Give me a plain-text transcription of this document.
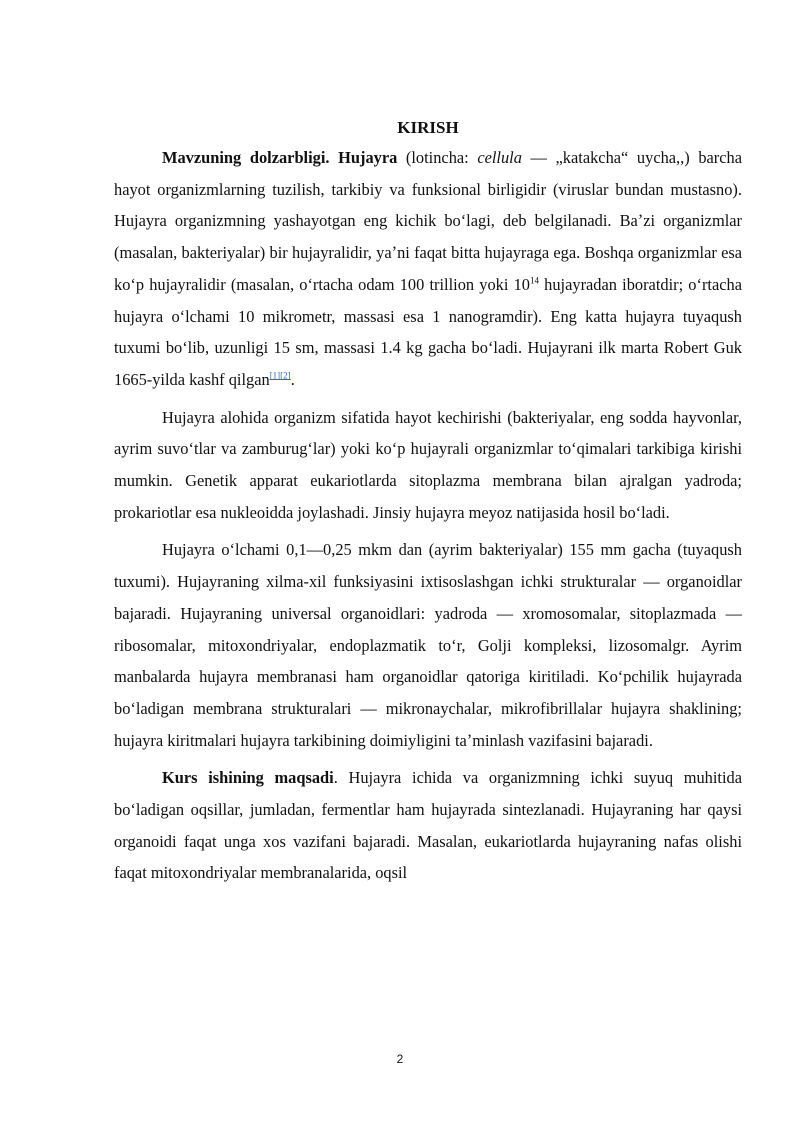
KIRISH

Mavzuning dolzarbligi. Hujayra (lotincha: cellula — „katakcha“ uycha,,) barcha hayot organizmlarning tuzilish, tarkibiy va funksional birligidir (viruslar bundan mustasno). Hujayra organizmning yashayotgan eng kichik boʻlagi, deb belgilanadi. Baʼzi organizmlar (masalan, bakteriyalar) bir hujayralidir, yaʼni faqat bitta hujayraga ega. Boshqa organizmlar esa koʻp hujayralidir (masalan, oʻrtacha odam 100 trillion yoki $10^{14}$ hujayradan iboratdir; oʻrtacha hujayra oʻlchami 10 mikrometr, massasi esa 1 nanogramdir). Eng katta hujayra tuyaqush tuxumi boʻlib, uzunligi 15 sm, massasi 1.4 kg gacha boʻladi. Hujayrani ilk marta Robert Guk 1665-yilda kashf qilgan[1][2].

Hujayra alohida organizm sifatida hayot kechirishi (bakteriyalar, eng sodda hayvonlar, ayrim suvoʻtlar va zamburugʻlar) yoki koʻp hujayrali organizmlar toʻqimalari tarkibiga kirishi mumkin. Genetik apparat eukariotlarda sitoplazma membrana bilan ajralgan yadroda; prokariotlar esa nukleoidda joylashadi. Jinsiy hujayra meyoz natijasida hosil boʻladi.

Hujayra oʻlchami 0,1—0,25 mkm dan (ayrim bakteriyalar) 155 mm gacha (tuyaqush tuxumi). Hujayraning xilma-xil funksiyasini ixtisoslashgan ichki strukturalar — organoidlar bajaradi. Hujayraning universal organoidlari: yadroda — xromosomalar, sitoplazmada — ribosomalar, mitoxondriyalar, endoplazmatik toʻr, Golji kompleksi, lizosomalgr. Ayrim manbalarda hujayra membranasi ham organoidlar qatoriga kiritiladi. Koʻpchilik hujayrada boʻladigan membrana strukturalari — mikronaychalar, mikrofibrillalar hujayra shaklining; hujayra kiritmalari hujayra tarkibining doimiyligini taʼminlash vazifasini bajaradi.

Kurs ishining maqsadi. Hujayra ichida va organizmning ichki suyuq muhitida boʻladigan oqsillar, jumladan, fermentlar ham hujayrada sintezlanadi. Hujayraning har qaysi organoidi faqat unga xos vazifani bajaradi. Masalan, eukariotlarda hujayraning nafas olishi faqat mitoxondriyalar membranalarida, oqsil

2
